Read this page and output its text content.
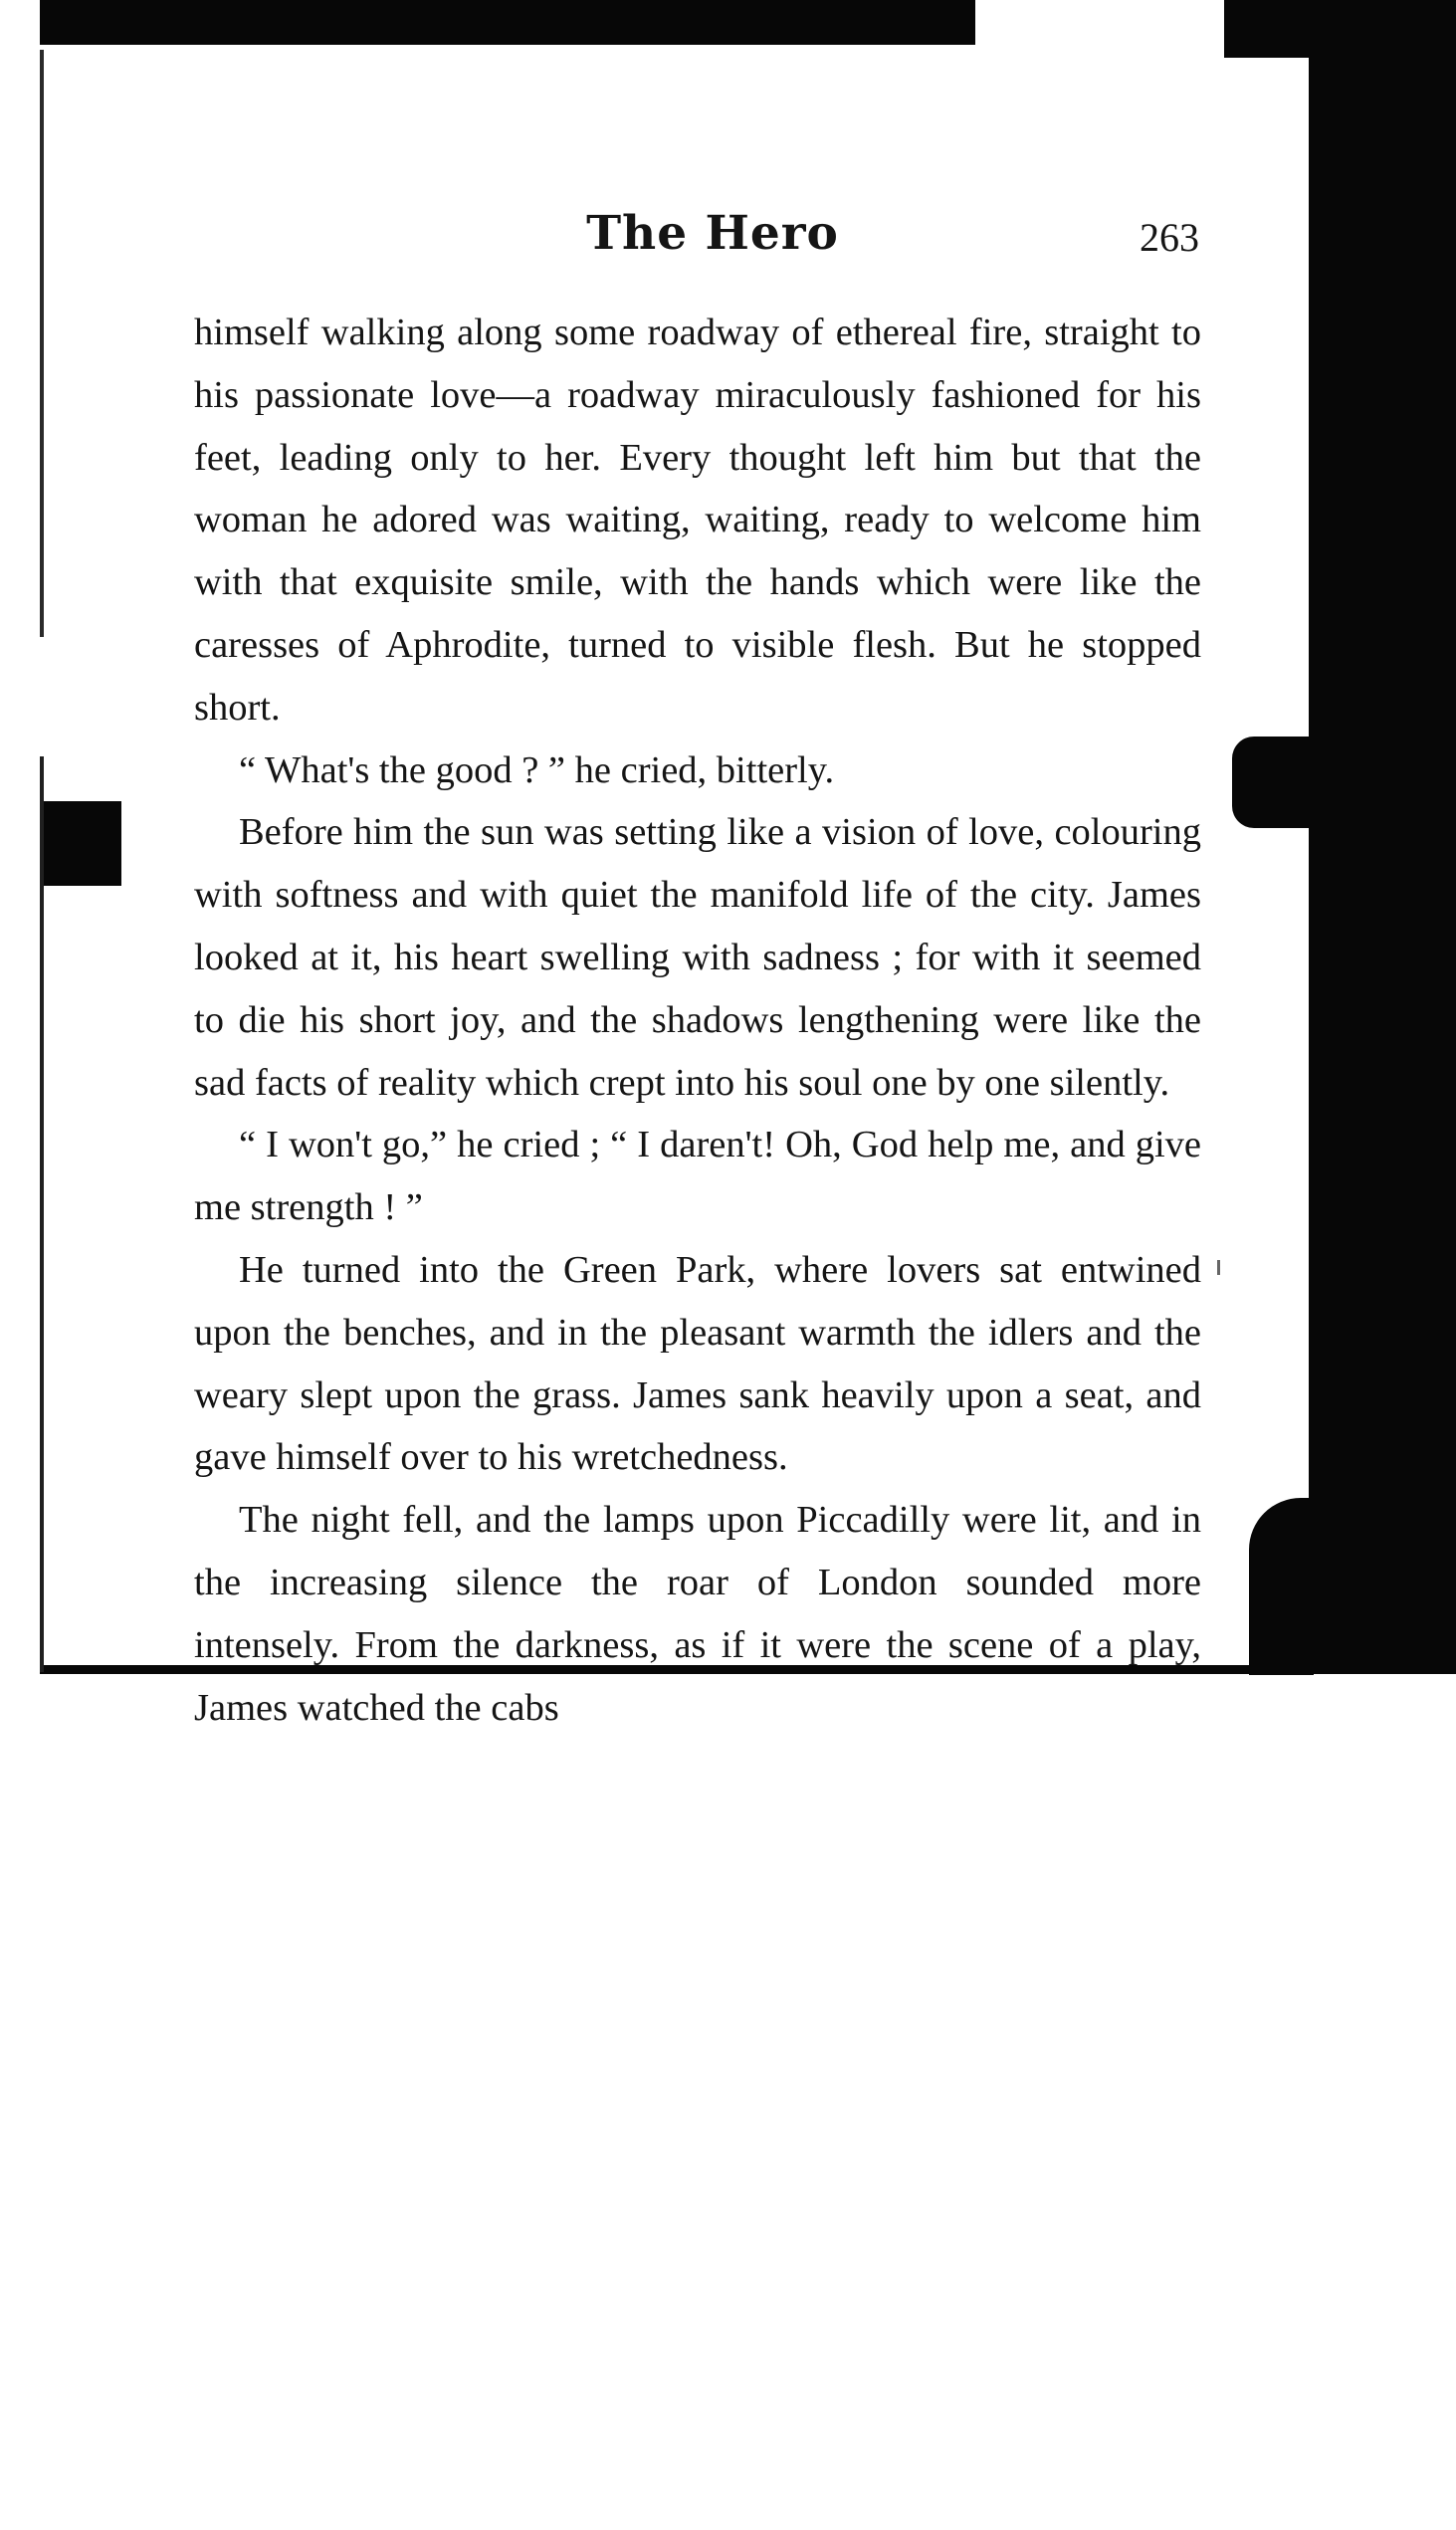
The Hero	263

himself walking along some roadway of ethereal fire, straight to his passionate love—a roadway miraculously fashioned for his feet, leading only to her. Every thought left him but that the woman he adored was waiting, waiting, ready to welcome him with that exquisite smile, with the hands which were like the caresses of Aphrodite, turned to visible flesh. But he stopped short.

“ What's the good ? ” he cried, bitterly.

Before him the sun was setting like a vision of love, colouring with softness and with quiet the manifold life of the city. James looked at it, his heart swelling with sadness ; for with it seemed to die his short joy, and the shadows lengthening were like the sad facts of reality which crept into his soul one by one silently.

“ I won't go,” he cried ; “ I daren't! Oh, God help me, and give me strength ! ”

He turned into the Green Park, where lovers sat entwined upon the benches, and in the pleasant warmth the idlers and the weary slept upon the grass. James sank heavily upon a seat, and gave himself over to his wretchedness.

The night fell, and the lamps upon Piccadilly were lit, and in the increasing silence the roar of London sounded more intensely. From the darkness, as if it were the scene of a play, James watched the cabs
